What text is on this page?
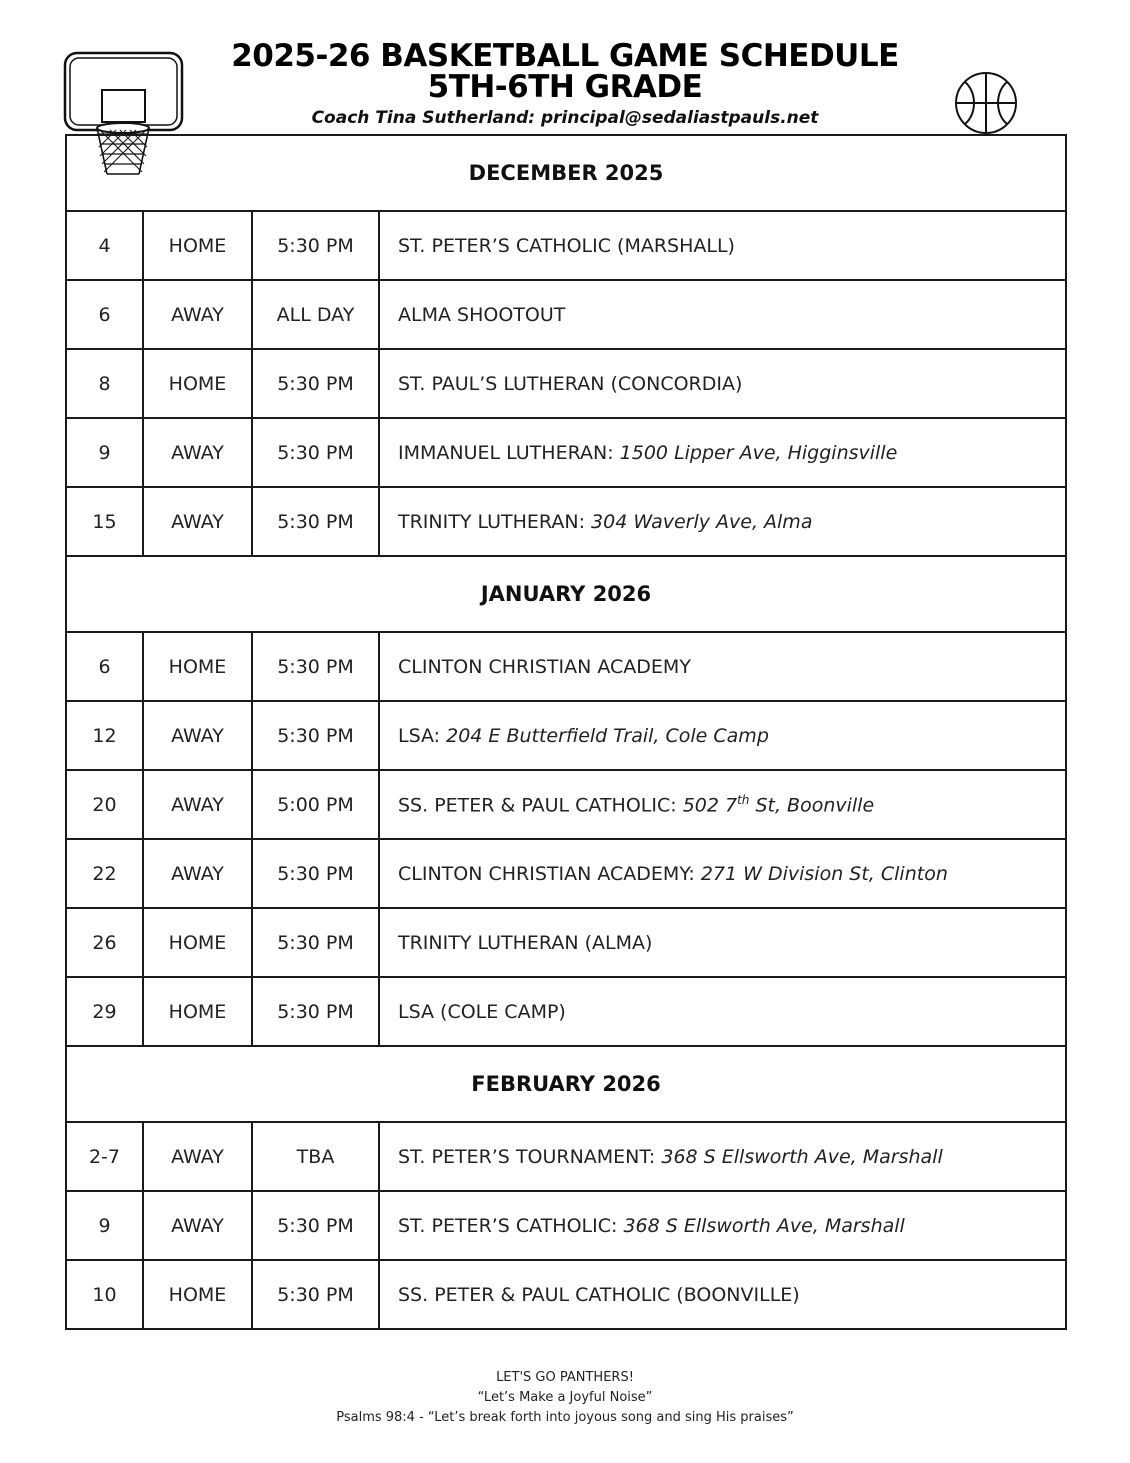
2025-26 BASKETBALL GAME SCHEDULE
5TH-6TH GRADE
Coach Tina Sutherland: principal@sedaliastpauls.net
DECEMBER 2025			
4	HOME	5:30 PM	ST. PETER’S CATHOLIC (MARSHALL)
6	AWAY	ALL DAY	ALMA SHOOTOUT
8	HOME	5:30 PM	ST. PAUL’S LUTHERAN (CONCORDIA)
9	AWAY	5:30 PM	IMMANUEL LUTHERAN: 1500 Lipper Ave, Higginsville
15	AWAY	5:30 PM	TRINITY LUTHERAN: 304 Waverly Ave, Alma
JANUARY 2026			
6	HOME	5:30 PM	CLINTON CHRISTIAN ACADEMY
12	AWAY	5:30 PM	LSA: 204 E Butterfield Trail, Cole Camp
20	AWAY	5:00 PM	SS. PETER & PAUL CATHOLIC: 502 7th St, Boonville
22	AWAY	5:30 PM	CLINTON CHRISTIAN ACADEMY: 271 W Division St, Clinton
26	HOME	5:30 PM	TRINITY LUTHERAN (ALMA)
29	HOME	5:30 PM	LSA (COLE CAMP)
FEBRUARY 2026			
2-7	AWAY	TBA	ST. PETER’S TOURNAMENT: 368 S Ellsworth Ave, Marshall
9	AWAY	5:30 PM	ST. PETER’S CATHOLIC: 368 S Ellsworth Ave, Marshall
10	HOME	5:30 PM	SS. PETER & PAUL CATHOLIC (BOONVILLE)
LET'S GO PANTHERS!
“Let’s Make a Joyful Noise”
Psalms 98:4 - “Let’s break forth into joyous song and sing His praises”
